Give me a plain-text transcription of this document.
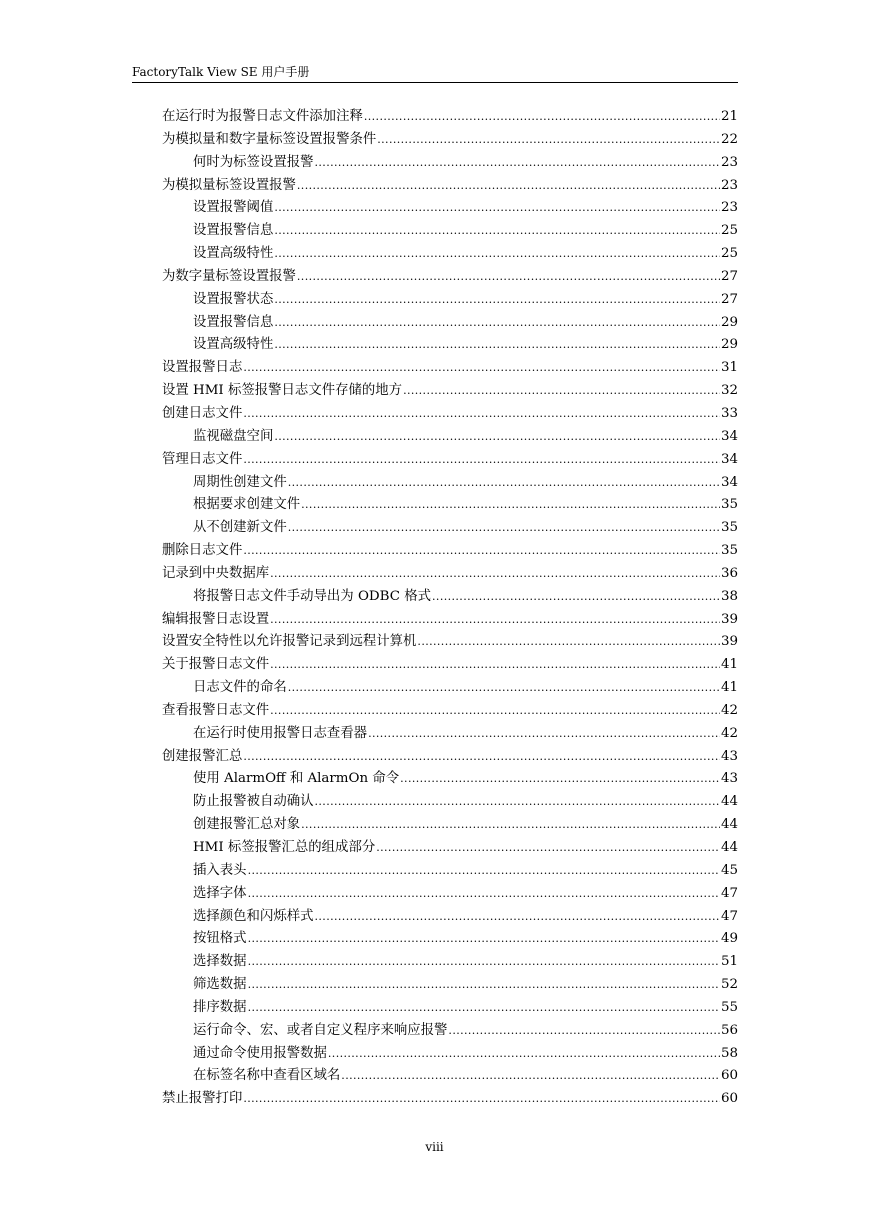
FactoryTalk View SE 用户手册
在运行时为报警日志文件添加注释 .....	21
为模拟量和数字量标签设置报警条件 .....	22
何时为标签设置报警 .....	23
为模拟量标签设置报警 .....	23
设置报警阈值 .....	23
设置报警信息 .....	25
设置高级特性 .....	25
为数字量标签设置报警 .....	27
设置报警状态 .....	27
设置报警信息 .....	29
设置高级特性 .....	29
设置报警日志 .....	31
设置 HMI 标签报警日志文件存储的地方 .....	32
创建日志文件 .....	33
监视磁盘空间 .....	34
管理日志文件 .....	34
周期性创建文件 .....	34
根据要求创建文件 .....	35
从不创建新文件 .....	35
删除日志文件 .....	35
记录到中央数据库 .....	36
将报警日志文件手动导出为 ODBC 格式 .....	38
编辑报警日志设置 .....	39
设置安全特性以允许报警记录到远程计算机 .....	39
关于报警日志文件 .....	41
日志文件的命名 .....	41
查看报警日志文件 .....	42
在运行时使用报警日志查看器 .....	42
创建报警汇总 .....	43
使用 AlarmOff 和 AlarmOn 命令 .....	43
防止报警被自动确认 .....	44
创建报警汇总对象 .....	44
HMI 标签报警汇总的组成部分 .....	44
插入表头 .....	45
选择字体 .....	47
选择颜色和闪烁样式 .....	47
按钮格式 .....	49
选择数据 .....	51
筛选数据 .....	52
排序数据 .....	55
运行命令、宏、或者自定义程序来响应报警 .....	56
通过命令使用报警数据 .....	58
在标签名称中查看区域名 .....	60
禁止报警打印 .....	60
viii
